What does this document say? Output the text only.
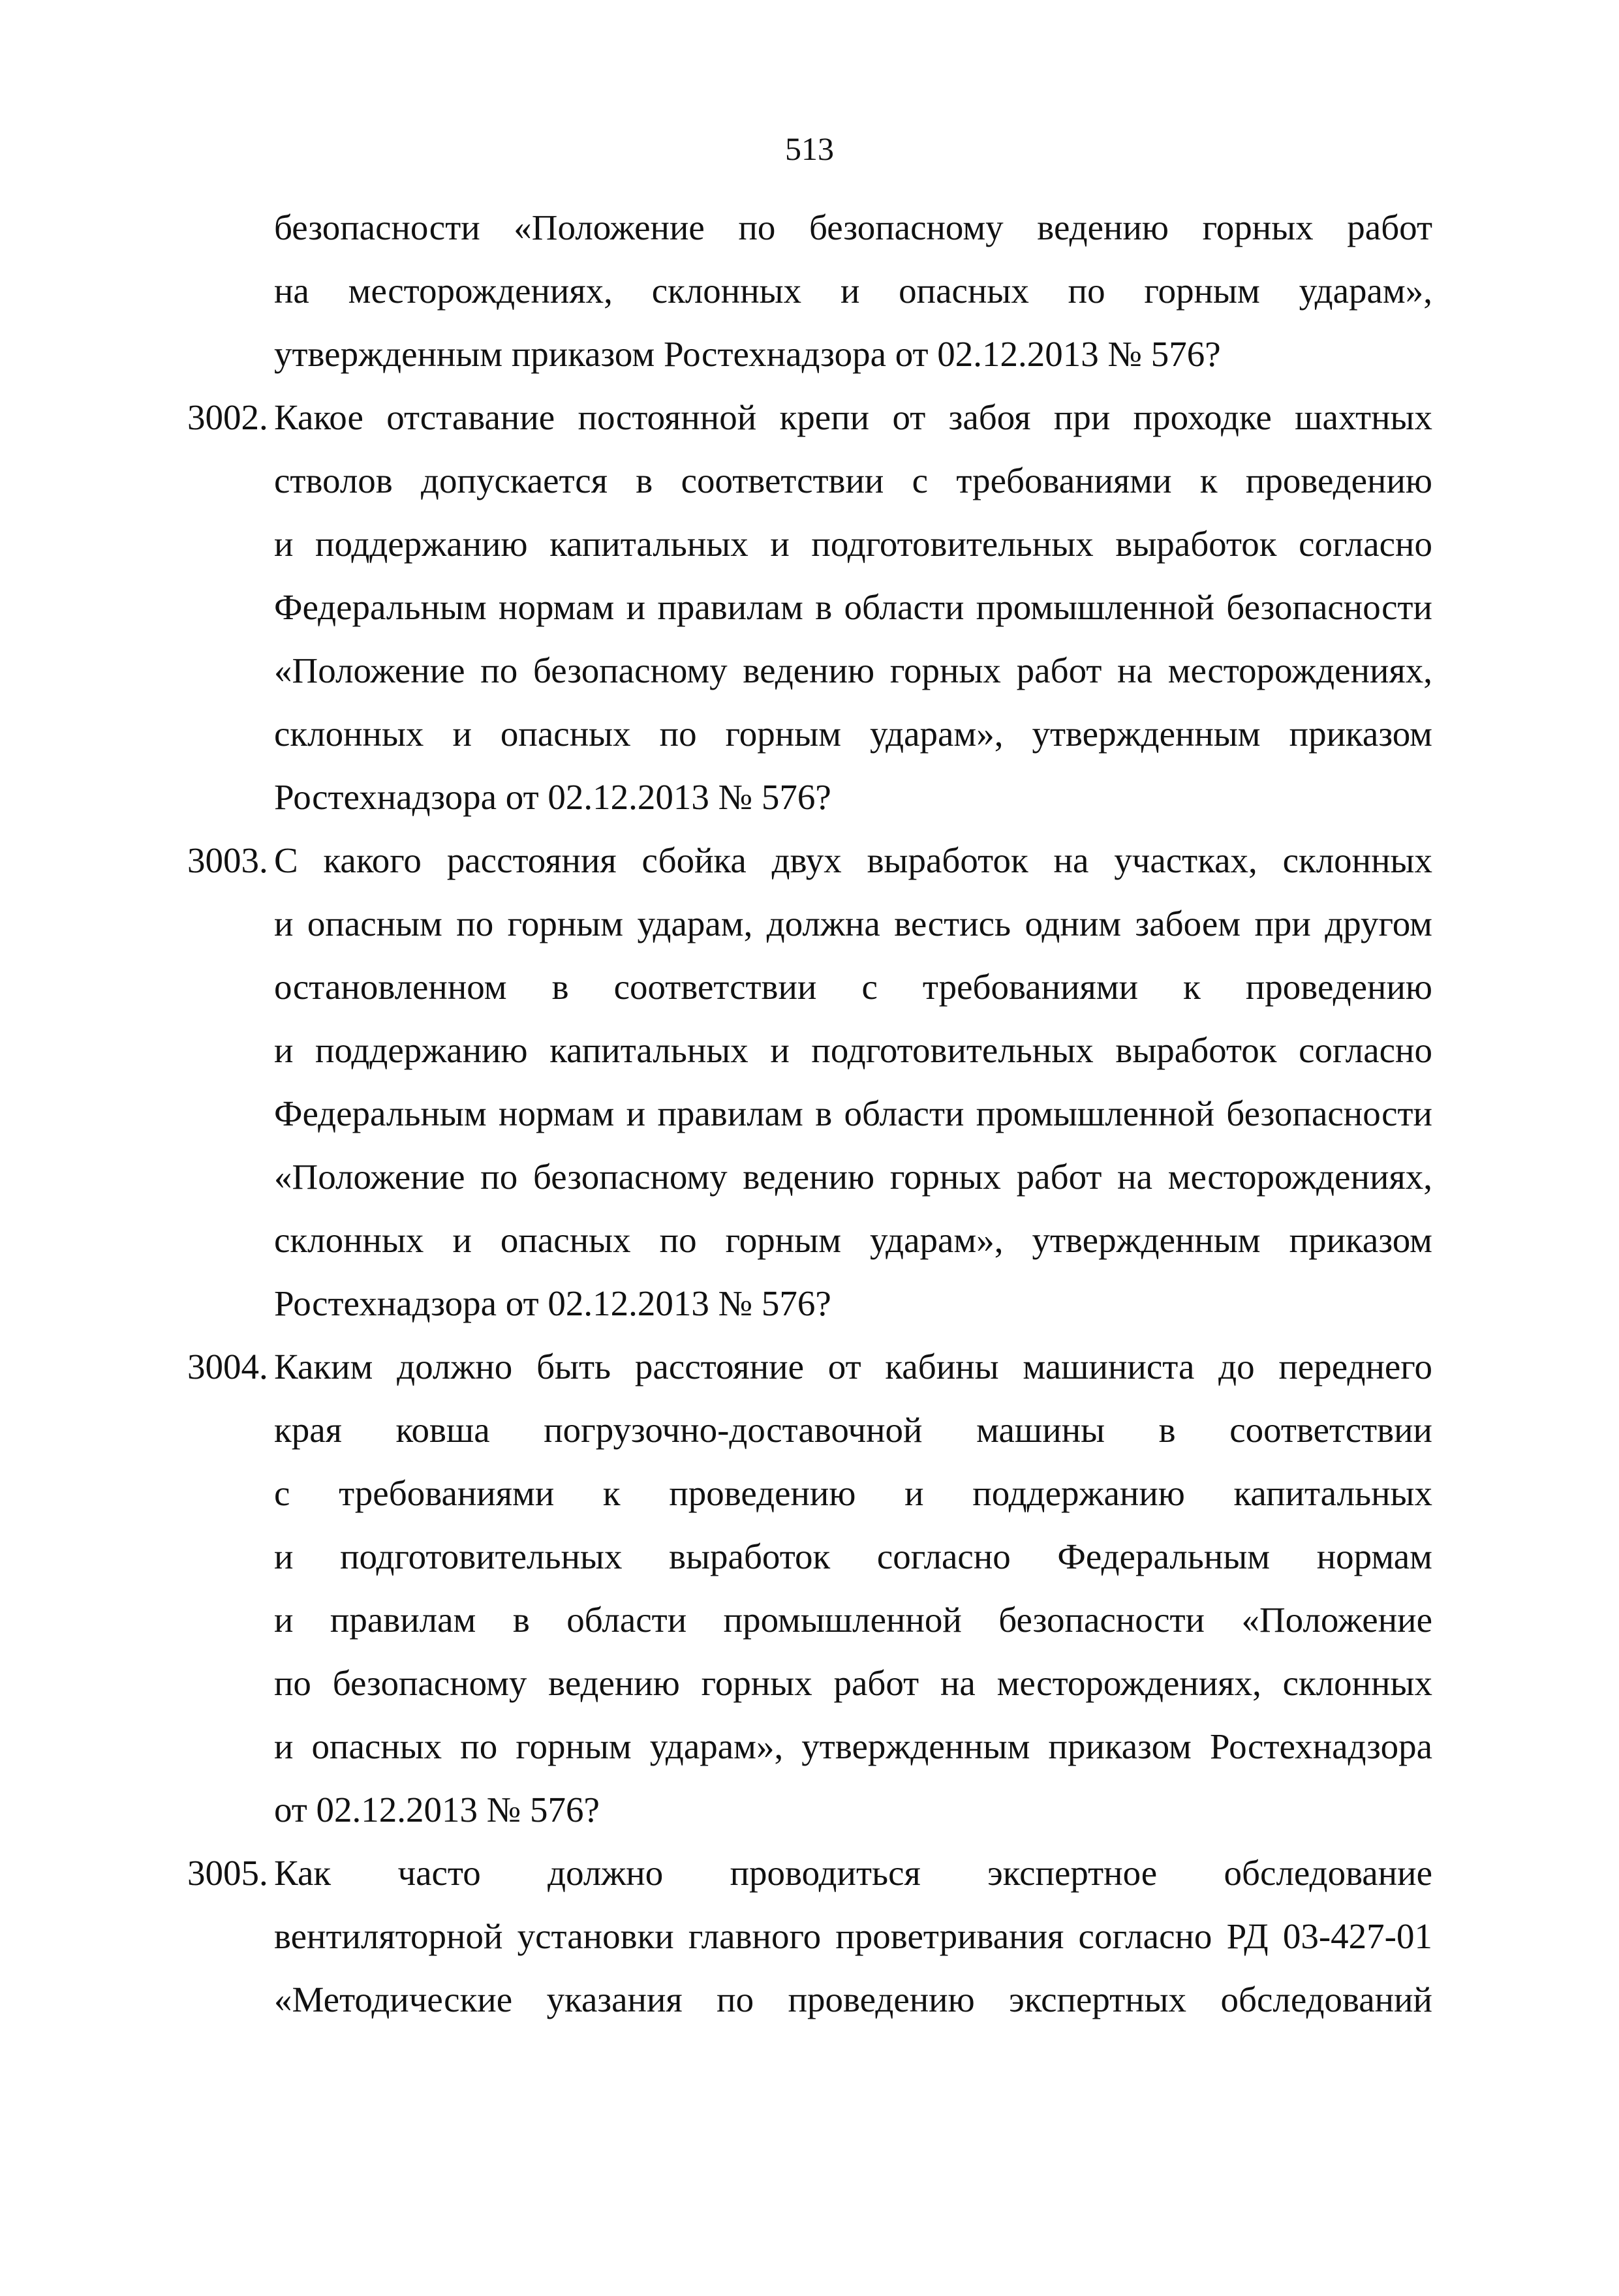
513
безопасности «Положение по безопасному ведению горных работ
на месторождениях, склонных и опасных по горным ударам»,
утвержденным приказом Ростехнадзора от 02.12.2013 № 576?
3002. Какое отставание постоянной крепи от забоя при проходке шахтных
стволов допускается в соответствии с требованиями к проведению
и поддержанию капитальных и подготовительных выработок согласно
Федеральным нормам и правилам в области промышленной безопасности
«Положение по безопасному ведению горных работ на месторождениях,
склонных и опасных по горным ударам», утвержденным приказом
Ростехнадзора от 02.12.2013 № 576?
3003. С какого расстояния сбойка двух выработок на участках, склонных
и опасным по горным ударам, должна вестись одним забоем при другом
остановленном в соответствии с требованиями к проведению
и поддержанию капитальных и подготовительных выработок согласно
Федеральным нормам и правилам в области промышленной безопасности
«Положение по безопасному ведению горных работ на месторождениях,
склонных и опасных по горным ударам», утвержденным приказом
Ростехнадзора от 02.12.2013 № 576?
3004. Каким должно быть расстояние от кабины машиниста до переднего
края ковша погрузочно-доставочной машины в соответствии
с требованиями к проведению и поддержанию капитальных
и подготовительных выработок согласно Федеральным нормам
и правилам в области промышленной безопасности «Положение
по безопасному ведению горных работ на месторождениях, склонных
и опасных по горным ударам», утвержденным приказом Ростехнадзора
от 02.12.2013 № 576?
3005. Как часто должно проводиться экспертное обследование
вентиляторной установки главного проветривания согласно РД 03-427-01
«Методические указания по проведению экспертных обследований
